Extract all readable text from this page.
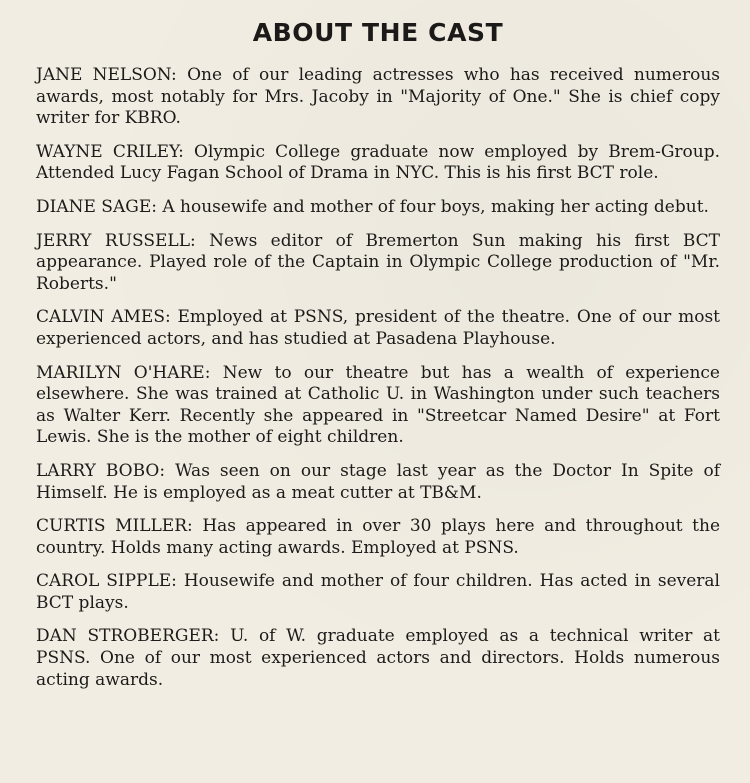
ABOUT THE CAST

JANE NELSON: One of our leading actresses who has received numerous awards, most notably for Mrs. Jacoby in "Majority of One." She is chief copy writer for KBRO.

WAYNE CRILEY: Olympic College graduate now employed by Brem-Group. Attended Lucy Fagan School of Drama in NYC. This is his first BCT role.

DIANE SAGE: A housewife and mother of four boys, making her acting debut.

JERRY RUSSELL: News editor of Bremerton Sun making his first BCT appearance. Played role of the Captain in Olympic College production of "Mr. Roberts."

CALVIN AMES: Employed at PSNS, president of the theatre. One of our most experienced actors, and has studied at Pasadena Playhouse.

MARILYN O'HARE: New to our theatre but has a wealth of experience elsewhere. She was trained at Catholic U. in Washington under such teachers as Walter Kerr. Recently she appeared in "Streetcar Named Desire" at Fort Lewis. She is the mother of eight children.

LARRY BOBO: Was seen on our stage last year as the Doctor In Spite of Himself. He is employed as a meat cutter at TB&M.

CURTIS MILLER: Has appeared in over 30 plays here and throughout the country. Holds many acting awards. Employed at PSNS.

CAROL SIPPLE: Housewife and mother of four children. Has acted in several BCT plays.

DAN STROBERGER: U. of W. graduate employed as a technical writer at PSNS. One of our most experienced actors and directors. Holds numerous acting awards.
